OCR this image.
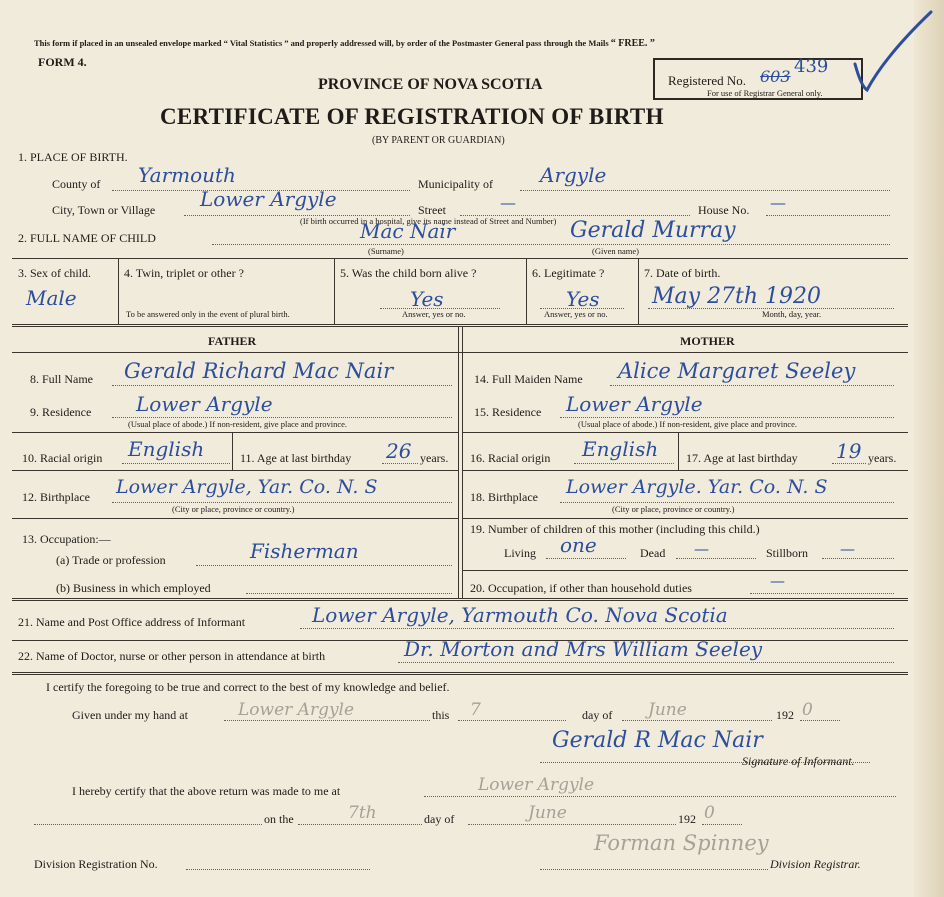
This form if placed in an unsealed envelope marked “ Vital Statistics ” and properly addressed will, by order of the Postmaster General pass through the Mails “ FREE. ”
FORM 4.
PROVINCE OF NOVA SCOTIA
CERTIFICATE OF REGISTRATION OF BIRTH
(BY PARENT OR GUARDIAN)
Registered No. 603 439
For use of Registrar General only.
1. PLACE OF BIRTH.
County of Yarmouth	Municipality of Argyle
City, Town or Village Lower Argyle	Street	—	House No. —
(If birth occurred in a hospital, give its name instead of Street and Number)
2. FULL NAME OF CHILD	Mac Nair	Gerald Murray
(Surname)	(Given name)
3. Sex of child.
Male
4. Twin, triplet or other ?
To be answered only in the event of plural birth.
5. Was the child born alive ?
Yes
Answer, yes or no.
6. Legitimate ?
Yes
Answer, yes or no.
7. Date of birth.
May 27th 1920
Month, day, year.
FATHER	MOTHER
8. Full Name Gerald Richard Mac Nair
9. Residence Lower Argyle
(Usual place of abode.) If non-resident, give place and province.
10. Racial origin English	11. Age at last birthday 26 years.
12. Birthplace Lower Argyle, Yar. Co. N. S
(City or place, province or country.)
13. Occupation:—
(a) Trade or profession	Fisherman
(b) Business in which employed
14. Full Maiden Name Alice Margaret Seeley
15. Residence Lower Argyle
(Usual place of abode.) If non-resident, give place and province.
16. Racial origin English 17. Age at last birthday 19 years.
18. Birthplace Lower Argyle. Yar. Co. N. S
(City or place, province or country.)
19. Number of children of this mother (including this child.)
Living one	Dead —	Stillborn —
20. Occupation, if other than household duties	—
21. Name and Post Office address of Informant	Lower Argyle, Yarmouth Co. Nova Scotia
22. Name of Doctor, nurse or other person in attendance at birth	Dr. Morton and Mrs William Seeley
I certify the foregoing to be true and correct to the best of my knowledge and belief.
Given under my hand at	Lower Argyle	this 7	day of June	192 0
Gerald R Mac Nair
Signature of Informant.
I hereby certify that the above return was made to me at	Lower Argyle
on the	7th	day of	June	192 0
Forman Spinney
Division Registration No.	Division Registrar.
